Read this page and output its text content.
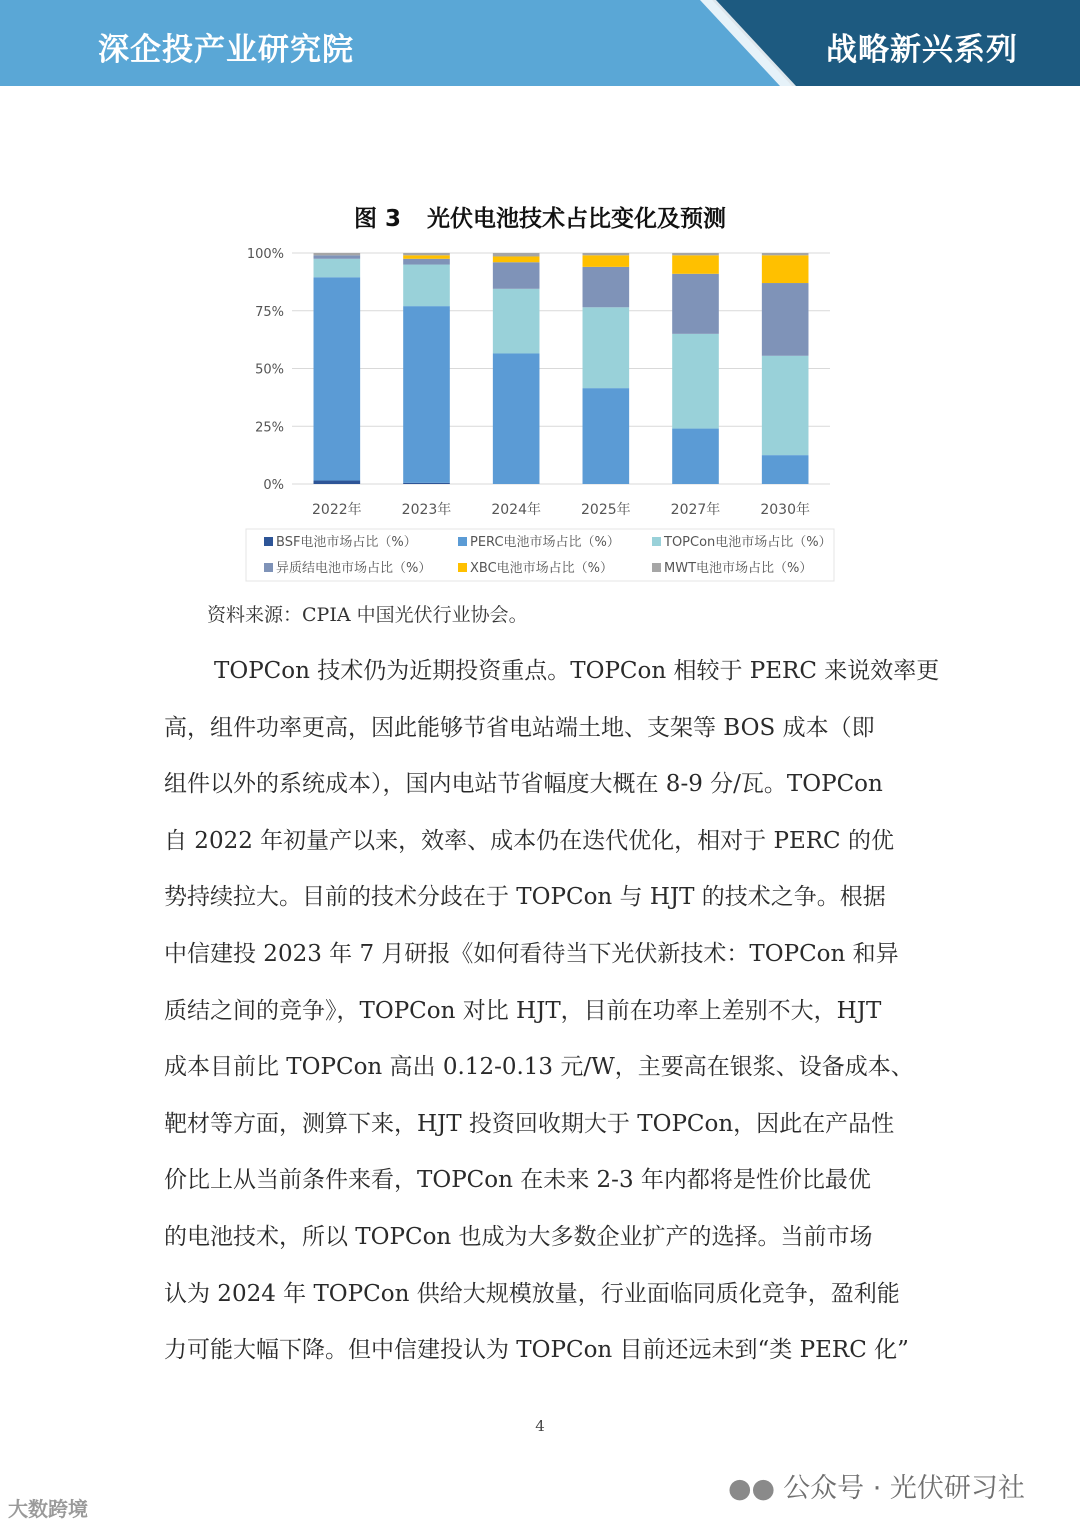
深企投产业研究院	战略新兴系列
图 3 光伏电池技术占比变化及预测
100%
75%
50%
25%
0%
2022年	2023年	2024年	2025年	2027年	2030年
BSF电池市场占比（%）	PERC电池市场占比（%）	TOPCon电池市场占比（%）
异质结电池市场占比（%）	XBC电池市场占比（%）	MWT电池市场占比（%）
资料来源：CPIA 中国光伏行业协会。
TOPCon 技术仍为近期投资重点。TOPCon 相较于 PERC 来说效率更
高，组件功率更高，因此能够节省电站端土地、支架等 BOS 成本（即
组件以外的系统成本），国内电站节省幅度大概在 8-9 分/瓦。TOPCon
自 2022 年初量产以来，效率、成本仍在迭代优化，相对于 PERC 的优
势持续拉大。目前的技术分歧在于 TOPCon 与 HJT 的技术之争。根据
中信建投 2023 年 7 月研报《如何看待当下光伏新技术：TOPCon 和异
质结之间的竞争》，TOPCon 对比 HJT，目前在功率上差别不大，HJT
成本目前比 TOPCon 高出 0.12-0.13 元/W，主要高在银浆、设备成本、
靶材等方面，测算下来，HJT 投资回收期大于 TOPCon，因此在产品性
价比上从当前条件来看，TOPCon 在未来 2-3 年内都将是性价比最优
的电池技术，所以 TOPCon 也成为大多数企业扩产的选择。当前市场
认为 2024 年 TOPCon 供给大规模放量，行业面临同质化竞争，盈利能
力可能大幅下降。但中信建投认为 TOPCon 目前还远未到“类 PERC 化”
4
大数跨境
●● 公众号 · 光伏研习社
